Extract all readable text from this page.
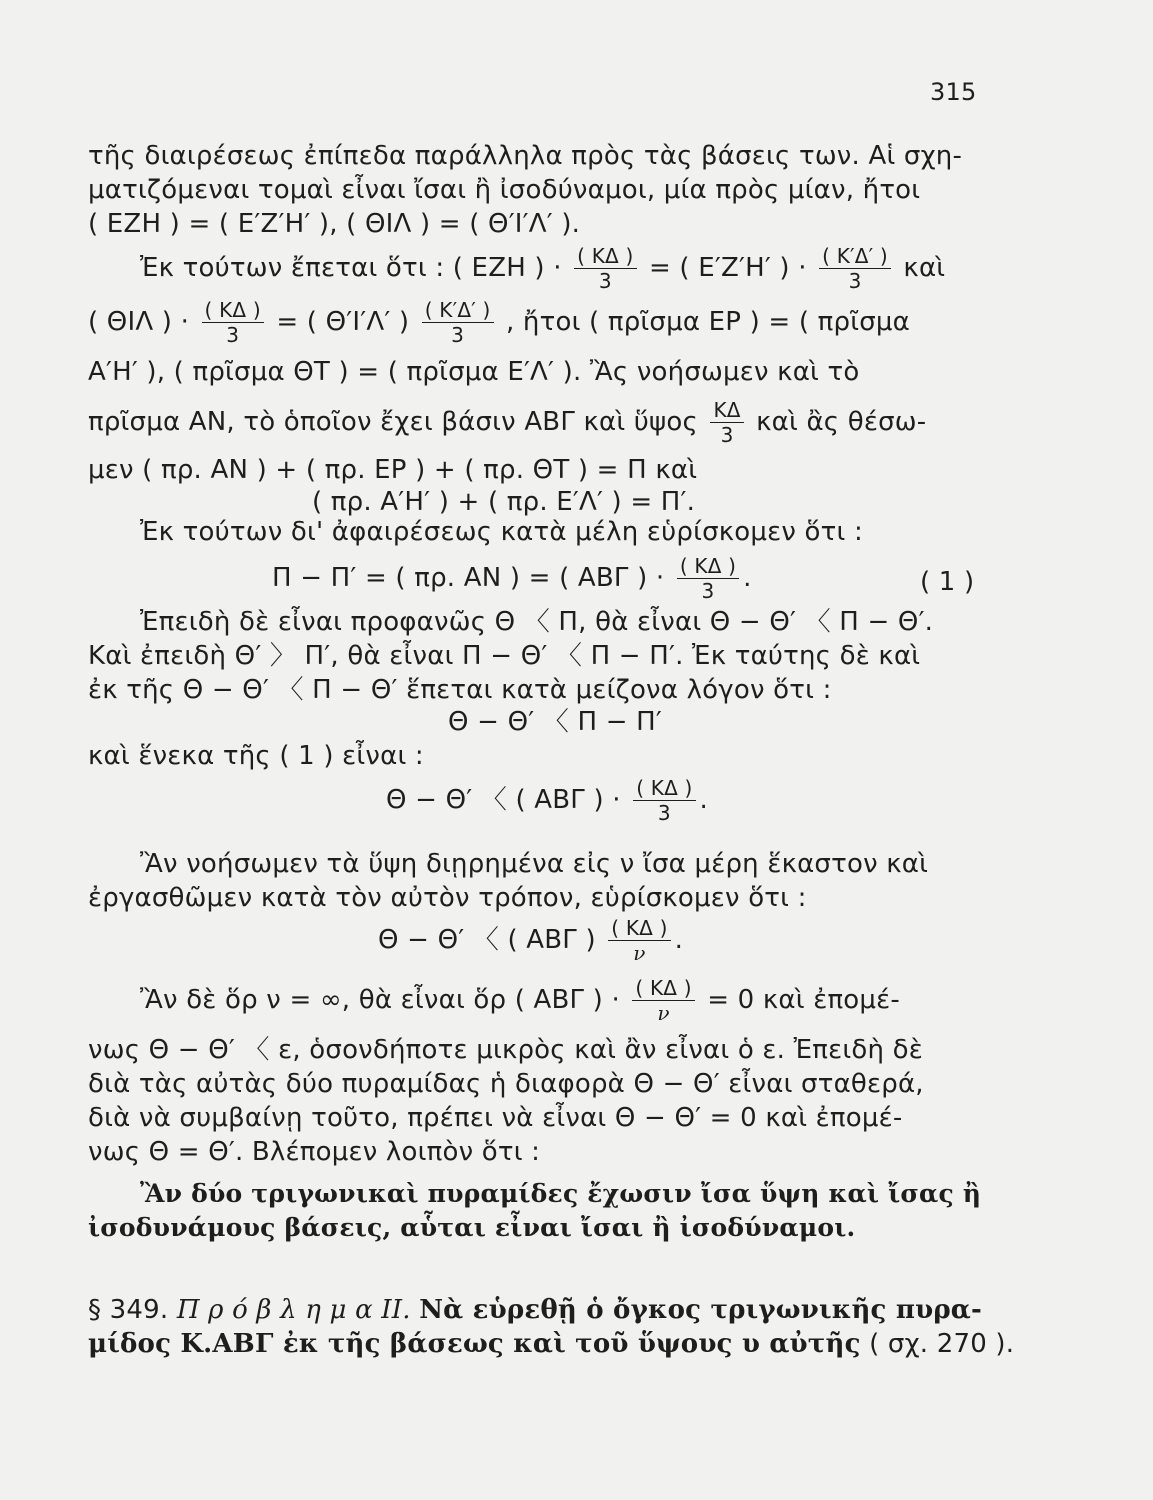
315
τῆς διαιρέσεως ἐπίπεδα παράλληλα πρὸς τὰς βάσεις των. Αἱ σχη-
ματιζόμεναι τομαὶ εἶναι ἴσαι ἢ ἰσοδύναμοι, μία πρὸς μίαν, ἤτοι
( ΕΖΗ ) = ( Ε′Ζ′Η′ ), ( ΘΙΛ ) = ( Θ′Ι′Λ′ ).
Ἐκ τούτων ἔπεται ὅτι : ( ΕΖΗ ) · $\frac{( K\Delta )}{3}$ = ( Ε′Ζ′Η′ ) · $\frac{( K'\Delta' )}{3}$ καὶ
( ΘΙΛ ) · $\frac{( K\Delta )}{3}$ = ( Θ′Ι′Λ′ ) $\frac{( K'\Delta' )}{3}$ , ἤτοι ( πρῖσμα ΕΡ ) = ( πρῖσμα
Α′Η′ ), ( πρῖσμα ΘΤ ) = ( πρῖσμα Ε′Λ′ ). Ἂς νοήσωμεν καὶ τὸ
πρῖσμα ΑΝ, τὸ ὁποῖον ἔχει βάσιν ΑΒΓ καὶ ὕψος $\frac{K\Delta}{3}$ καὶ ἂς θέσω-
μεν ( πρ. ΑΝ ) + ( πρ. ΕΡ ) + ( πρ. ΘΤ ) = Π καὶ
( πρ. Α′Η′ ) + ( πρ. Ε′Λ′ ) = Π′.
Ἐκ τούτων δι' ἀφαιρέσεως κατὰ μέλη εὑρίσκομεν ὅτι :
Π − Π′ = ( πρ. ΑΝ ) = ( ΑΒΓ ) · $\frac{( K\Delta )}{3}$ .	( 1 )
Ἐπειδὴ δὲ εἶναι προφανῶς Θ 〈 Π, θὰ εἶναι Θ − Θ′ 〈 Π − Θ′.
Καὶ ἐπειδὴ Θ′ 〉 Π′, θὰ εἶναι Π − Θ′ 〈 Π − Π′. Ἐκ ταύτης δὲ καὶ
ἐκ τῆς Θ − Θ′ 〈 Π − Θ′ ἕπεται κατὰ μείζονα λόγον ὅτι :
Θ − Θ′ 〈 Π − Π′
καὶ ἕνεκα τῆς ( 1 ) εἶναι :
Θ − Θ′ 〈 ( ΑΒΓ ) · $\frac{( K\Delta )}{3}$ .
Ἂν νοήσωμεν τὰ ὕψη διῃρημένα εἰς ν ἴσα μέρη ἕκαστον καὶ
ἐργασθῶμεν κατὰ τὸν αὐτὸν τρόπον, εὑρίσκομεν ὅτι :
Θ − Θ′ 〈 ( ΑΒΓ ) $\frac{( K\Delta )}{\nu}$ .
Ἂν δὲ ὅρ ν = ∞, θὰ εἶναι ὅρ ( ΑΒΓ ) · $\frac{( K\Delta )}{\nu} = 0$ καὶ ἐπομέ-
νως Θ − Θ′ 〈 ε, ὁσονδήποτε μικρὸς καὶ ἂν εἶναι ὁ ε. Ἐπειδὴ δὲ
διὰ τὰς αὐτὰς δύο πυραμίδας ἡ διαφορὰ Θ − Θ′ εἶναι σταθερά,
διὰ νὰ συμβαίνῃ τοῦτο, πρέπει νὰ εἶναι Θ − Θ′ = 0 καὶ ἐπομέ-
νως Θ = Θ′. Βλέπομεν λοιπὸν ὅτι :
Ἂν δύο τριγωνικαὶ πυραμίδες ἔχωσιν ἴσα ὕψη καὶ ἴσας ἢ
ἰσοδυνάμους βάσεις, αὗται εἶναι ἴσαι ἢ ἰσοδύναμοι.
§ 349. Π ρ ό β λ η μ α ΙΙ. Νὰ εὑρεθῇ ὁ ὄγκος τριγωνικῆς πυρα-
μίδος Κ.ΑΒΓ ἐκ τῆς βάσεως καὶ τοῦ ὕψους υ αὐτῆς ( σχ. 270 ).
